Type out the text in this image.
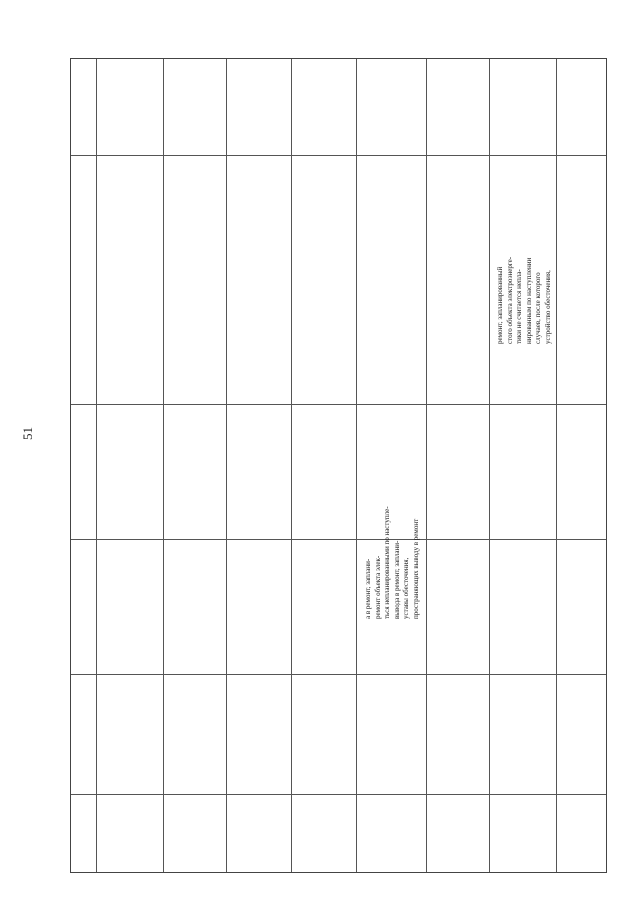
51
а в ремонт, заплани- ремонт объекта элек- ться непланированными по наступле- вывода в ремонт, заплани- уставы обесточения, пространяющих выводу в ремонт
ремонт, запланированный стого объекта электроэнерге- тики не считается непла- нированным по наступлении случаев, после которого устройство обесточения,
